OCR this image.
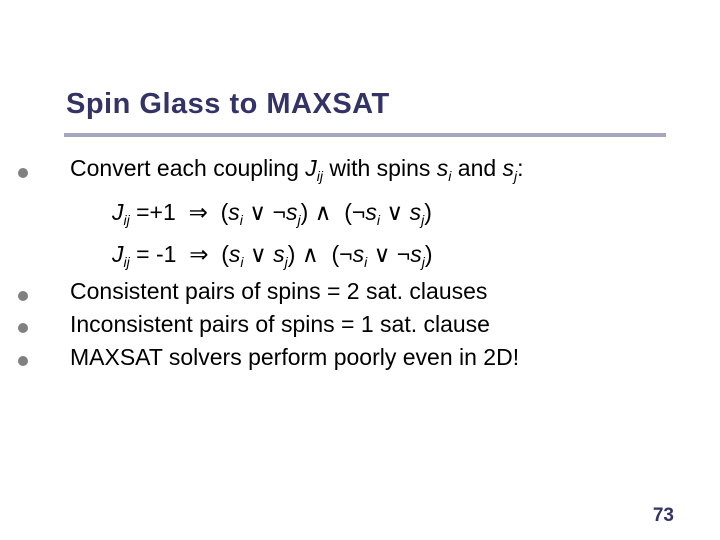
Spin Glass to MAXSAT
Convert each coupling $J_{ij}$ with spins $s_i$ and $s_j$:
$J_{ij} =+1$  ⇒  ($s_i$ ∨ $\neg s_j$) ∧  ($\neg s_i$ ∨ $s_j$)
$J_{ij} = -1$  ⇒  ($s_i$ ∨ $s_j$) ∧  ($\neg s_i$ ∨ $\neg s_j$)
Consistent pairs of spins = 2 sat. clauses
Inconsistent pairs of spins = 1 sat. clause
MAXSAT solvers perform poorly even in 2D!
73
